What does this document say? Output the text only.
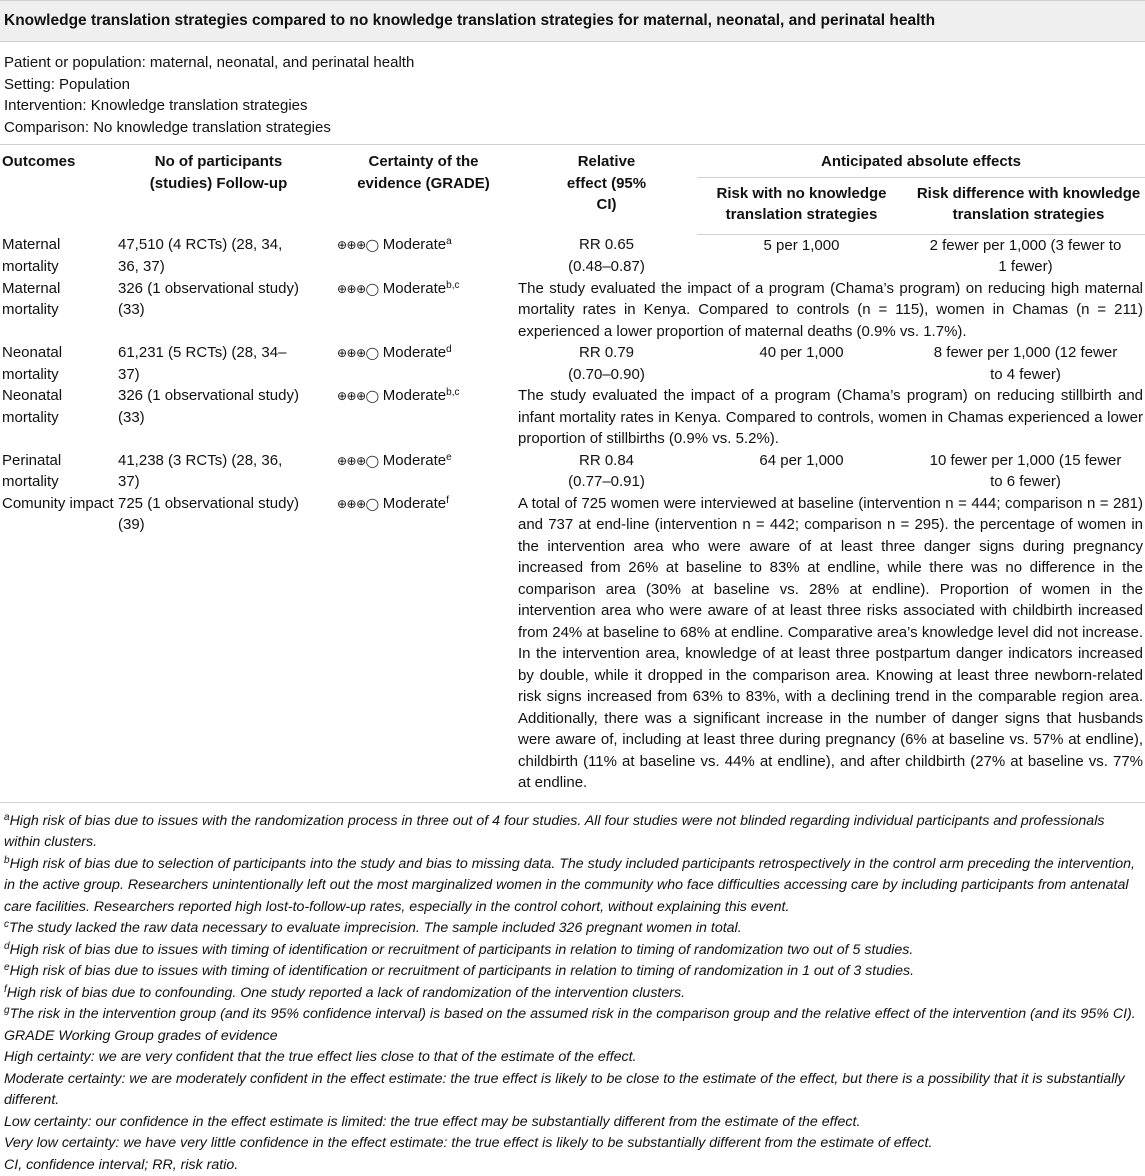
Knowledge translation strategies compared to no knowledge translation strategies for maternal, neonatal, and perinatal health
Patient or population: maternal, neonatal, and perinatal health
Setting: Population
Intervention: Knowledge translation strategies
Comparison: No knowledge translation strategies
Outcomes	No of participants (studies) Follow-up	Certainty of the evidence (GRADE)	Relative effect (95% CI)	Anticipated absolute effects	
				Risk with no knowledge translation strategies	Risk difference with knowledge translation strategies
Maternal mortality	47,510 (4 RCTs) (28, 34, 36, 37)	⊕⊕⊕◯ Moderate$^a$	RR 0.65 (0.48–0.87)	5 per 1,000	2 fewer per 1,000 (3 fewer to 1 fewer)
Maternal mortality	326 (1 observational study) (33)	⊕⊕⊕◯ Moderate$^{b,c}$	The study evaluated the impact of a program (Chama’s program) on reducing high maternal mortality rates in Kenya. Compared to controls (n = 115), women in Chamas (n = 211) experienced a lower proportion of maternal deaths (0.9% vs. 1.7%).		
Neonatal mortality	61,231 (5 RCTs) (28, 34–37)	⊕⊕⊕◯ Moderate$^d$	RR 0.79 (0.70–0.90)	40 per 1,000	8 fewer per 1,000 (12 fewer to 4 fewer)
Neonatal mortality	326 (1 observational study) (33)	⊕⊕⊕◯ Moderate$^{b,c}$	The study evaluated the impact of a program (Chama’s program) on reducing stillbirth and infant mortality rates in Kenya. Compared to controls, women in Chamas experienced a lower proportion of stillbirths (0.9% vs. 5.2%).		
Perinatal mortality	41,238 (3 RCTs) (28, 36, 37)	⊕⊕⊕◯ Moderate$^e$	RR 0.84 (0.77–0.91)	64 per 1,000	10 fewer per 1,000 (15 fewer to 6 fewer)
Comunity impact	725 (1 observational study) (39)	⊕⊕⊕◯ Moderate$^f$	A total of 725 women were interviewed at baseline (intervention n = 444; comparison n = 281) and 737 at end-line (intervention n = 442; comparison n = 295). the percentage of women in the intervention area who were aware of at least three danger signs during pregnancy increased from 26% at baseline to 83% at endline, while there was no difference in the comparison area (30% at baseline vs. 28% at endline). Proportion of women in the intervention area who were aware of at least three risks associated with childbirth increased from 24% at baseline to 68% at endline. Comparative area’s knowledge level did not increase. In the intervention area, knowledge of at least three postpartum danger indicators increased by double, while it dropped in the comparison area. Knowing at least three newborn-related risk signs increased from 63% to 83%, with a declining trend in the comparable region area. Additionally, there was a significant increase in the number of danger signs that husbands were aware of, including at least three during pregnancy (6% at baseline vs. 57% at endline), childbirth (11% at baseline vs. 44% at endline), and after childbirth (27% at baseline vs. 77% at endline.		
$^a$High risk of bias due to issues with the randomization process in three out of 4 four studies. All four studies were not blinded regarding individual participants and professionals within clusters.
$^b$High risk of bias due to selection of participants into the study and bias to missing data. The study included participants retrospectively in the control arm preceding the intervention, in the active group. Researchers unintentionally left out the most marginalized women in the community who face difficulties accessing care by including participants from antenatal care facilities. Researchers reported high lost-to-follow-up rates, especially in the control cohort, without explaining this event.
$^c$The study lacked the raw data necessary to evaluate imprecision. The sample included 326 pregnant women in total.
$^d$High risk of bias due to issues with timing of identification or recruitment of participants in relation to timing of randomization two out of 5 studies.
$^e$High risk of bias due to issues with timing of identification or recruitment of participants in relation to timing of randomization in 1 out of 3 studies.
$^f$High risk of bias due to confounding. One study reported a lack of randomization of the intervention clusters.
$^g$The risk in the intervention group (and its 95% confidence interval) is based on the assumed risk in the comparison group and the relative effect of the intervention (and its 95% CI).
GRADE Working Group grades of evidence
High certainty: we are very confident that the true effect lies close to that of the estimate of the effect.
Moderate certainty: we are moderately confident in the effect estimate: the true effect is likely to be close to the estimate of the effect, but there is a possibility that it is substantially different.
Low certainty: our confidence in the effect estimate is limited: the true effect may be substantially different from the estimate of the effect.
Very low certainty: we have very little confidence in the effect estimate: the true effect is likely to be substantially different from the estimate of effect.
CI, confidence interval; RR, risk ratio.
